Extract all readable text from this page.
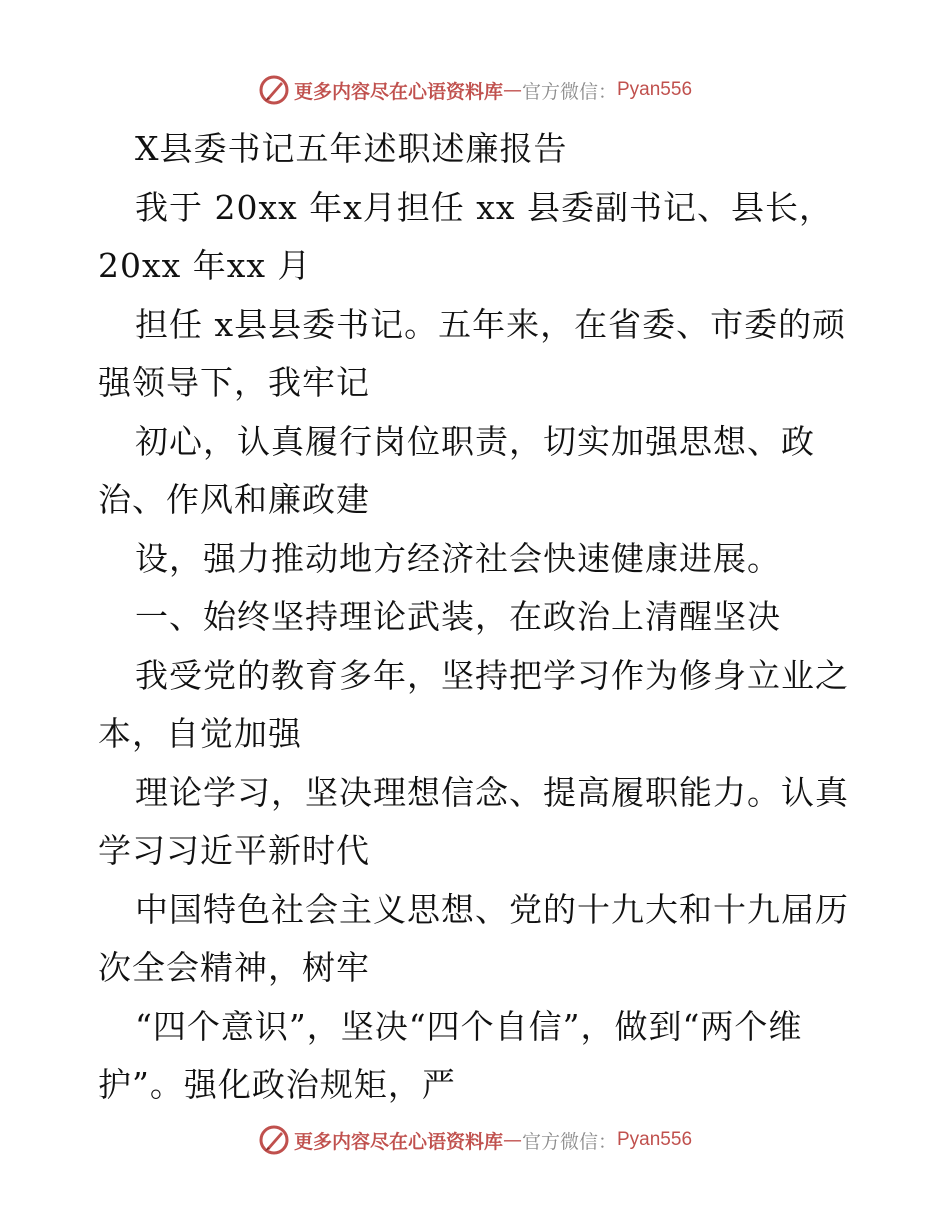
更多内容尽在心语资料库 — 官方微信： Pyan556

X县委书记五年述职述廉报告

我于 20xx 年x月担任 xx 县委副书记、县长，20xx 年xx 月

担任 x县县委书记。五年来，在省委、市委的顽强领导下，我牢记

初心，认真履行岗位职责，切实加强思想、政治、作风和廉政建

设，强力推动地方经济社会快速健康进展。

一、始终坚持理论武装，在政治上清醒坚决

我受党的教育多年，坚持把学习作为修身立业之本，自觉加强

理论学习，坚决理想信念、提高履职能力。认真学习习近平新时代

中国特色社会主义思想、党的十九大和十九届历次全会精神，树牢

“四个意识”，坚决“四个自信”，做到“两个维护”。强化政治规矩，严

更多内容尽在心语资料库 — 官方微信： Pyan556
